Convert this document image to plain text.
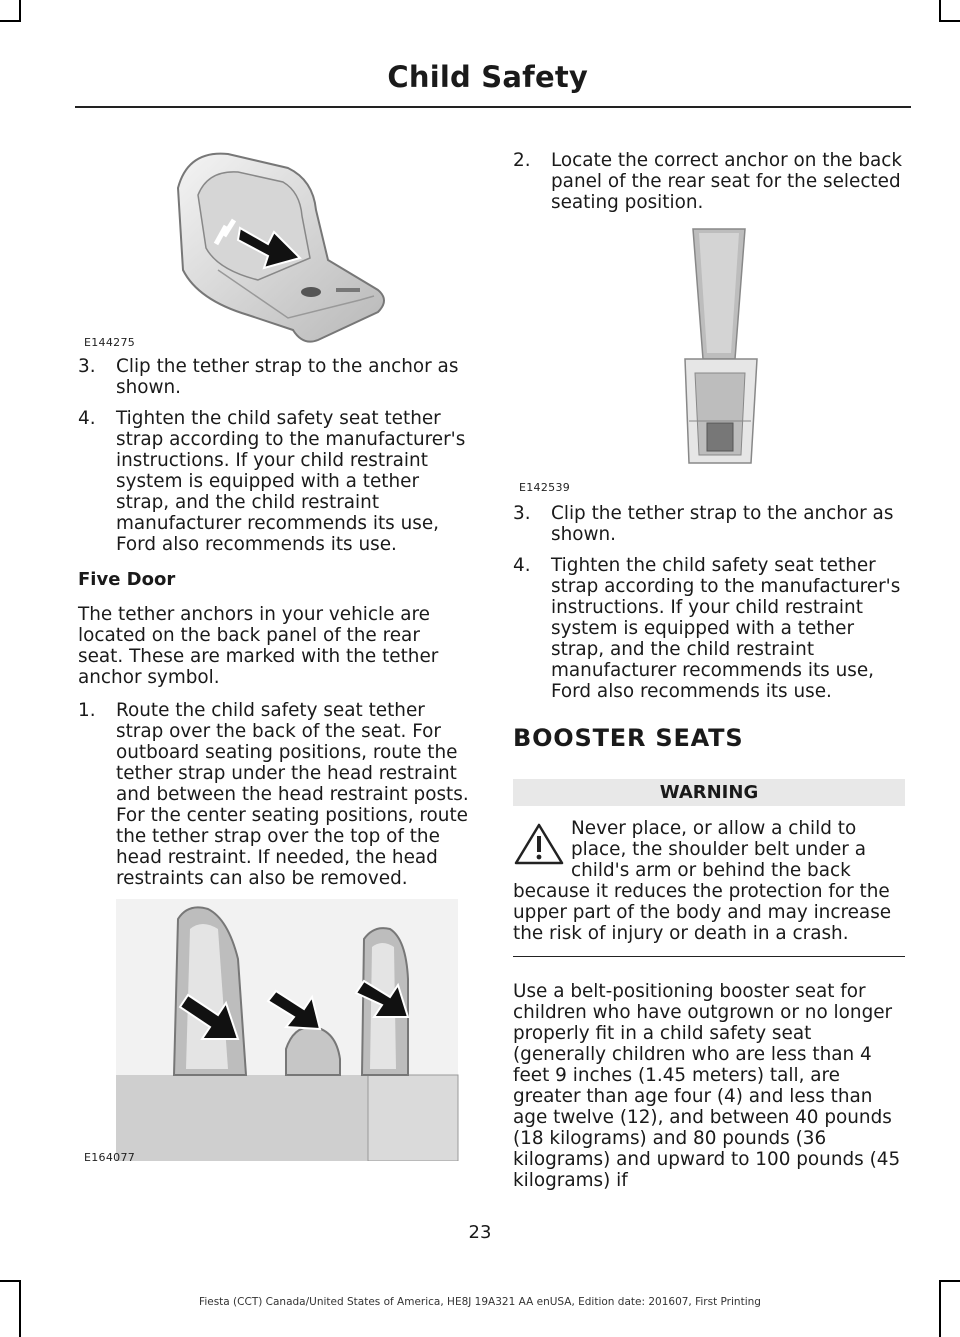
Child Safety
E144275
3. Clip the tether strap to the anchor as shown.
4. Tighten the child safety seat tether strap according to the manufacturer's instructions. If your child restraint system is equipped with a tether strap, and the child restraint manufacturer recommends its use, Ford also recommends its use.
Five Door

The tether anchors in your vehicle are located on the back panel of the rear seat. These are marked with the tether anchor symbol.

1. Route the child safety seat tether strap over the back of the seat. For outboard seating positions, route the tether strap under the head restraint and between the head restraint posts. For the center seating positions, route the tether strap over the top of the head restraint. If needed, the head restraints can also be removed.
E164077
2. Locate the correct anchor on the back panel of the rear seat for the selected seating position.
E142539
3. Clip the tether strap to the anchor as shown.
4. Tighten the child safety seat tether strap according to the manufacturer's instructions. If your child restraint system is equipped with a tether strap, and the child restraint manufacturer recommends its use, Ford also recommends its use.
BOOSTER SEATS
WARNING
Never place, or allow a child to place, the shoulder belt under a child's arm or behind the back because it reduces the protection for the upper part of the body and may increase the risk of injury or death in a crash.

Use a belt-positioning booster seat for children who have outgrown or no longer properly fit in a child safety seat (generally children who are less than 4 feet 9 inches (1.45 meters) tall, are greater than age four (4) and less than age twelve (12), and between 40 pounds (18 kilograms) and 80 pounds (36 kilograms) and upward to 100 pounds (45 kilograms) if

23
Fiesta (CCT) Canada/United States of America, HE8J 19A321 AA enUSA, Edition date: 201607, First Printing
